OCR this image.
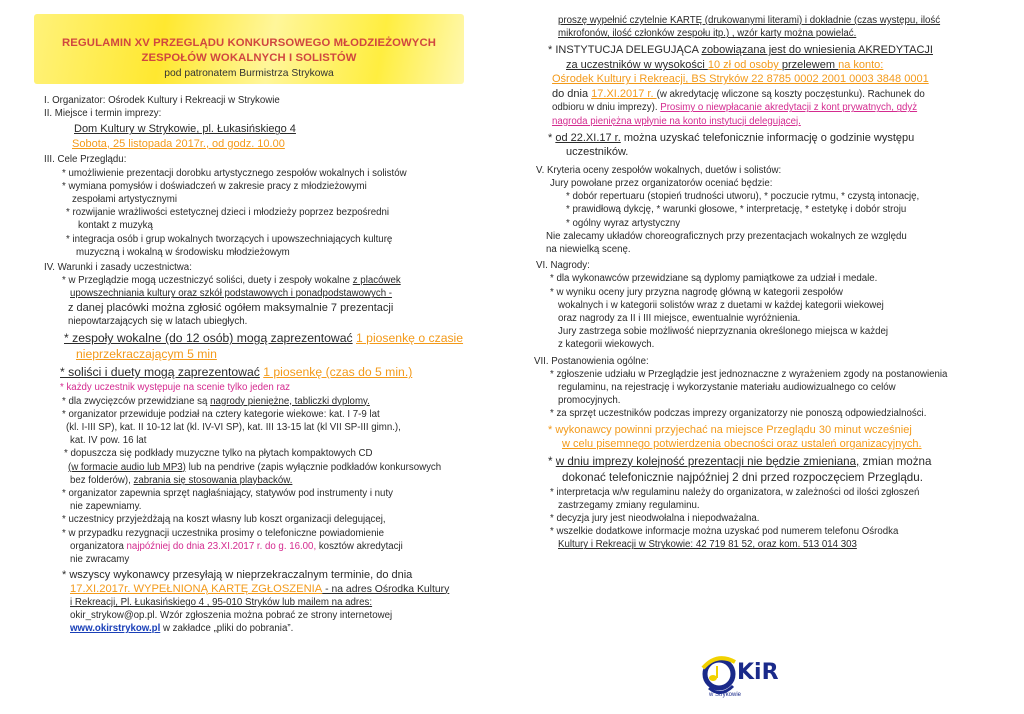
REGULAMIN XV PRZEGLĄDU KONKURSOWEGO MŁODZIEŻOWYCH
ZESPOŁÓW WOKALNYCH I SOLISTÓW
pod patronatem Burmistrza Strykowa
I. Organizator: Ośrodek Kultury i Rekreacji w Strykowie
II. Miejsce i termin imprezy:
Dom Kultury w Strykowie, pl. Łukasińskiego 4
Sobota, 25 listopada 2017r., od godz. 10.00
III. Cele Przeglądu:
* umożliwienie prezentacji dorobku artystycznego zespołów wokalnych i solistów
* wymiana pomysłów i doświadczeń w zakresie pracy z młodzieżowymi
zespołami artystycznymi
* rozwijanie wrażliwości estetycznej dzieci i młodzieży poprzez bezpośredni
kontakt z muzyką
* integracja osób i grup wokalnych tworzących i upowszechniających kulturę
muzyczną i wokalną w środowisku młodzieżowym
IV. Warunki i zasady uczestnictwa:
* w Przeglądzie mogą uczestniczyć soliści, duety i zespoły wokalne z placówek
upowszechniania kultury oraz szkół podstawowych i ponadpodstawowych -
z danej placówki można zgłosić ogółem maksymalnie 7 prezentacji
niepowtarzających się w latach ubiegłych.
* zespoły wokalne (do 12 osób) mogą zaprezentować 1 piosenkę o czasie
nieprzekraczającym 5 min
* soliści i duety mogą zaprezentować 1 piosenkę (czas do 5 min.)
* każdy uczestnik występuje na scenie tylko jeden raz
* dla zwycięzców przewidziane są nagrody pieniężne, tabliczki dyplomy.
* organizator przewiduje podział na cztery kategorie wiekowe: kat. I 7-9 lat
(kl. I-III SP), kat. II 10-12 lat (kl. IV-VI SP), kat. III 13-15 lat (kl VII SP-III gimn.),
kat. IV pow. 16 lat
* dopuszcza się podkłady muzyczne tylko na płytach kompaktowych CD
(w formacie audio lub MP3) lub na pendrive (zapis wyłącznie podkładów konkursowych
bez folderów), zabrania się stosowania playbacków.
* organizator zapewnia sprzęt nagłaśniający, statywów pod instrumenty i nuty
nie zapewniamy.
* uczestnicy przyjeżdżają na koszt własny lub koszt organizacji delegującej,
* w przypadku rezygnacji uczestnika prosimy o telefoniczne powiadomienie
organizatora najpóźniej do dnia 23.XI.2017 r. do g. 16.00, kosztów akredytacji
nie zwracamy
* wszyscy wykonawcy przesyłają w nieprzekraczalnym terminie, do dnia
17.XI.2017r. WYPEŁNIONĄ KARTĘ ZGŁOSZENIA - na adres Ośrodka Kultury
i Rekreacji, Pl. Łukasińskiego 4 , 95-010 Stryków lub mailem na adres:
okir_strykow@op.pl. Wzór zgłoszenia można pobrać ze strony internetowej
www.okirstrykow.pl w zakładce „pliki do pobrania”.
proszę wypełnić czytelnie KARTĘ (drukowanymi literami) i dokładnie (czas występu, ilość
mikrofonów, ilość członków zespołu itp.) , wzór karty można powielać.
* INSTYTUCJA DELEGUJĄCA zobowiązana jest do wniesienia AKREDYTACJI
za uczestników w wysokości 10 zł od osoby przelewem na konto:
Ośrodek Kultury i Rekreacji, BS Stryków 22 8785 0002 2001 0003 3848 0001
do dnia 17.XI.2017 r. (w akredytację wliczone są koszty poczęstunku). Rachunek do
odbioru w dniu imprezy). Prosimy o niewpłacanie akredytacji z kont prywatnych, gdyż
nagroda pieniężna wpłynie na konto instytucji delegującej.
* od 22.XI.17 r. można uzyskać telefonicznie informację o godzinie występu
uczestników.
V. Kryteria oceny zespołów wokalnych, duetów i solistów:
Jury powołane przez organizatorów oceniać będzie:
* dobór repertuaru (stopień trudności utworu), * poczucie rytmu, * czystą intonację,
* prawidłową dykcję, * warunki głosowe, * interpretację, * estetykę i dobór stroju
* ogólny wyraz artystyczny
Nie zalecamy układów choreograficznych przy prezentacjach wokalnych ze względu
na niewielką scenę.
VI. Nagrody:
* dla wykonawców przewidziane są dyplomy pamiątkowe za udział i medale.
* w wyniku oceny jury przyzna nagrodę główną w kategorii zespołów
wokalnych i w kategorii solistów wraz z duetami w każdej kategorii wiekowej
oraz nagrody za II i III miejsce, ewentualnie wyróżnienia.
Jury zastrzega sobie możliwość nieprzyznania określonego miejsca w każdej
z kategorii wiekowych.
VII. Postanowienia ogólne:
* zgłoszenie udziału w Przeglądzie jest jednoznaczne z wyrażeniem zgody na postanowienia
regulaminu, na rejestrację i wykorzystanie materiału audiowizualnego co celów
promocyjnych.
* za sprzęt uczestników podczas imprezy organizatorzy nie ponoszą odpowiedzialności.
* wykonawcy powinni przyjechać na miejsce Przeglądu 30 minut wcześniej
w celu pisemnego potwierdzenia obecności oraz ustaleń organizacyjnych.
* w dniu imprezy kolejność prezentacji nie będzie zmieniana, zmian można
dokonać telefonicznie najpóźniej 2 dni przed rozpoczęciem Przeglądu.
* interpretacja w/w regulaminu należy do organizatora, w zależności od ilości zgłoszeń
zastrzegamy zmiany regulaminu.
* decyzja jury jest nieodwołalna i niepodważalna.
* wszelkie dodatkowe informacje można uzyskać pod numerem telefonu Ośrodka
Kultury i Rekreacji w Strykowie: 42 719 81 52, oraz kom. 513 014 303
KiR
w Strykowie
